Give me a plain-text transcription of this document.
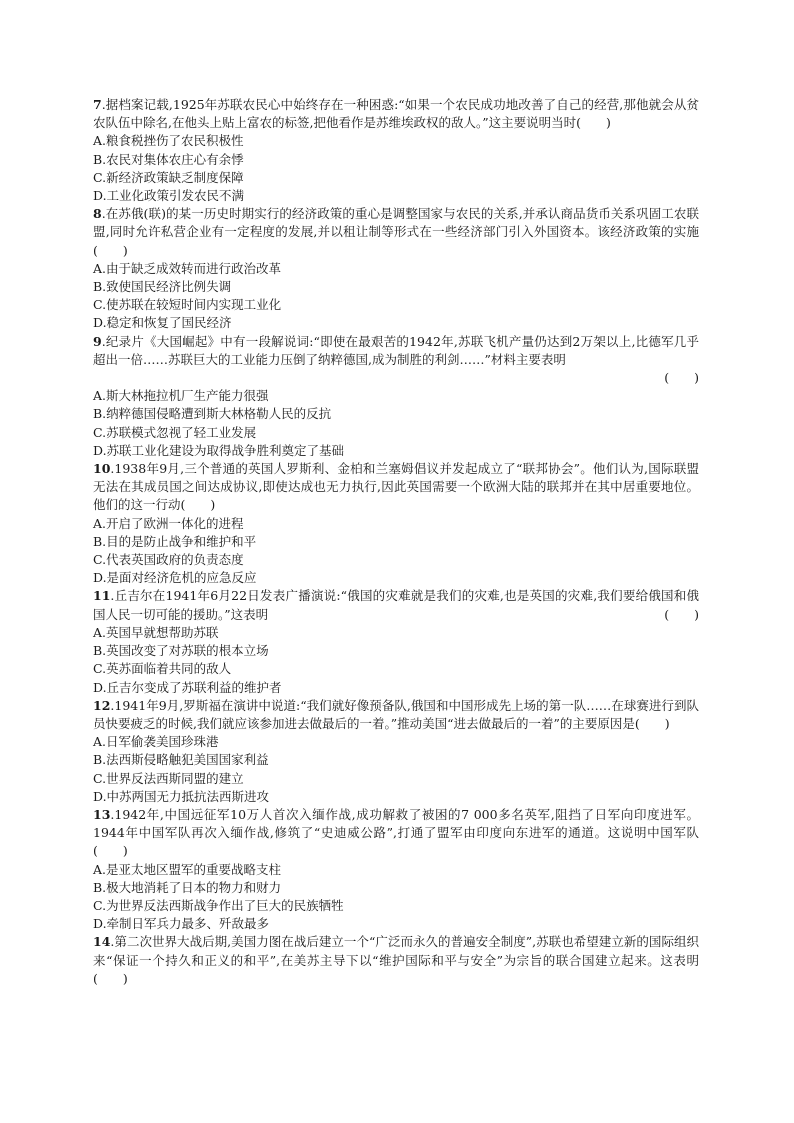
7.据档案记载,1925年苏联农民心中始终存在一种困惑:“如果一个农民成功地改善了自己的经营,那他就会从贫农队伍中除名,在他头上贴上富农的标签,把他看作是苏维埃政权的敌人。”这主要说明当时(　　)

A.粮食税挫伤了农民积极性

B.农民对集体农庄心有余悸

C.新经济政策缺乏制度保障

D.工业化政策引发农民不满

8.在苏俄(联)的某一历史时期实行的经济政策的重心是调整国家与农民的关系,并承认商品货币关系巩固工农联盟,同时允许私营企业有一定程度的发展,并以租让制等形式在一些经济部门引入外国资本。该经济政策的实施(　　)

A.由于缺乏成效转而进行政治改革

B.致使国民经济比例失调

C.使苏联在较短时间内实现工业化

D.稳定和恢复了国民经济

9.纪录片《大国崛起》中有一段解说词:“即使在最艰苦的1942年,苏联飞机产量仍达到2万架以上,比德军几乎超出一倍……苏联巨大的工业能力压倒了纳粹德国,成为制胜的利剑……”材料主要表明

(　　)

A.斯大林拖拉机厂生产能力很强

B.纳粹德国侵略遭到斯大林格勒人民的反抗

C.苏联模式忽视了轻工业发展

D.苏联工业化建设为取得战争胜利奠定了基础

10.1938年9月,三个普通的英国人罗斯利、金柏和兰塞姆倡议并发起成立了“联邦协会”。他们认为,国际联盟无法在其成员国之间达成协议,即使达成也无力执行,因此英国需要一个欧洲大陆的联邦并在其中居重要地位。他们的这一行动(　　)

A.开启了欧洲一体化的进程

B.目的是防止战争和维护和平

C.代表英国政府的负责态度

D.是面对经济危机的应急反应

11.丘吉尔在1941年6月22日发表广播演说:“俄国的灾难就是我们的灾难,也是英国的灾难,我们要给俄国和俄国人民一切可能的援助。”这表明	(　　)

A.英国早就想帮助苏联

B.英国改变了对苏联的根本立场

C.英苏面临着共同的敌人

D.丘吉尔变成了苏联利益的维护者

12.1941年9月,罗斯福在演讲中说道:“我们就好像预备队,俄国和中国形成先上场的第一队……在球赛进行到队员快要疲乏的时候,我们就应该参加进去做最后的一着。”推动美国“进去做最后的一着”的主要原因是(　　)

A.日军偷袭美国珍珠港

B.法西斯侵略触犯美国国家利益

C.世界反法西斯同盟的建立

D.中苏两国无力抵抗法西斯进攻

13.1942年,中国远征军10万人首次入缅作战,成功解救了被困的7 000多名英军,阻挡了日军向印度进军。1944年中国军队再次入缅作战,修筑了“史迪威公路”,打通了盟军由印度向东进军的通道。这说明中国军队(　　)

A.是亚太地区盟军的重要战略支柱

B.极大地消耗了日本的物力和财力

C.为世界反法西斯战争作出了巨大的民族牺牲

D.牵制日军兵力最多、歼敌最多

14.第二次世界大战后期,美国力图在战后建立一个“广泛而永久的普遍安全制度”,苏联也希望建立新的国际组织来“保证一个持久和正义的和平”,在美苏主导下以“维护国际和平与安全”为宗旨的联合国建立起来。这表明(　　)
